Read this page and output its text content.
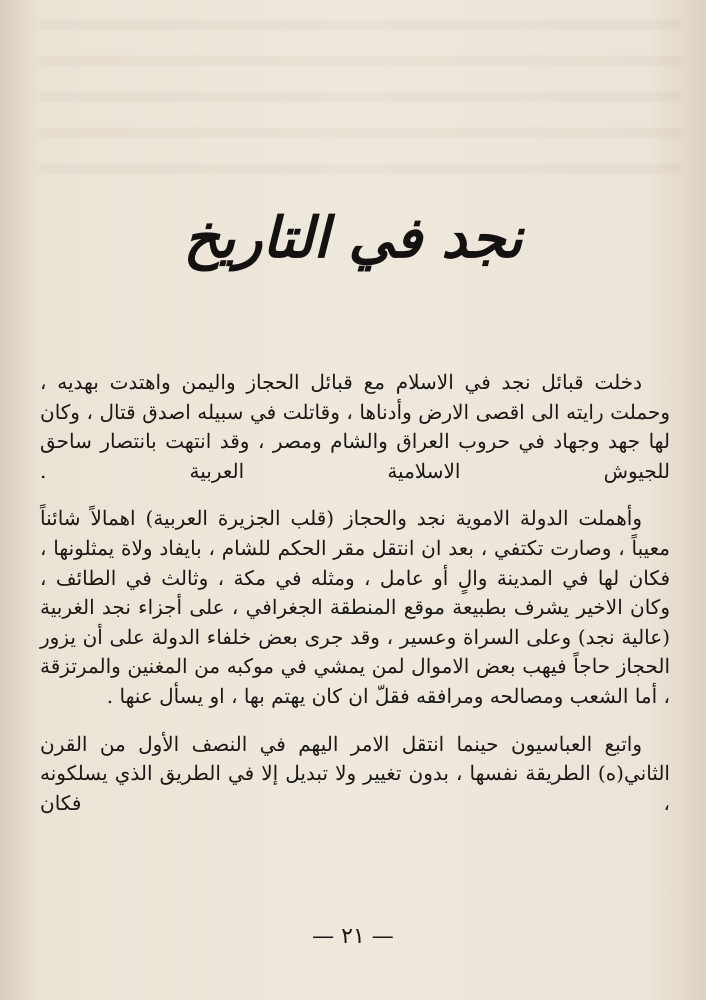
نجد في التاريخ

دخلت قبائل نجد في الاسلام مع قبائل الحجاز واليمن واهتدت بهديه ، وحملت رايته الى اقصى الارض وأدناها ، وقاتلت في سبيله اصدق قتال ، وكان لها جهد وجهاد في حروب العراق والشام ومصر ، وقد انتهت بانتصار ساحق للجيوش الاسلامية العربية .

وأهملت الدولة الاموية نجد والحجاز (قلب الجزيرة العربية) اهمالاً شائناً معيباً ، وصارت تكتفي ، بعد ان انتقل مقر الحكم للشام ، بايفاد ولاة يمثلونها ، فكان لها في المدينة والٍ أو عامل ، ومثله في مكة ، وثالث في الطائف ، وكان الاخير يشرف بطبيعة موقع المنطقة الجغرافي ، على أجزاء نجد الغربية (عالية نجد) وعلى السراة وعسير ، وقد جرى بعض خلفاء الدولة على أن يزور الحجاز حاجاً فيهب بعض الاموال لمن يمشي في موكبه من المغنين والمرتزقة ، أما الشعب ومصالحه ومرافقه فقلّ ان كان يهتم بها ، او يسأل عنها .

واتبع العباسيون حينما انتقل الامر اليهم في النصف الأول من القرن الثاني(ه) الطريقة نفسها ، بدون تغيير ولا تبديل إلا في الطريق الذي يسلكونه ، فكان

— ٢١ —
